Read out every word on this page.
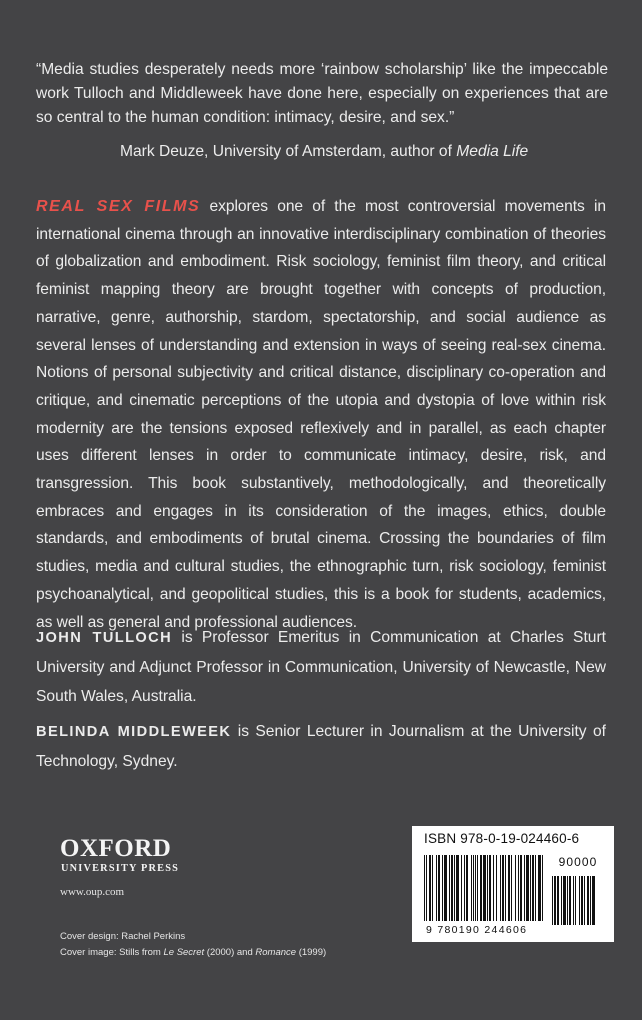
“Media studies desperately needs more ‘rainbow scholarship’ like the impeccable work Tulloch and Middleweek have done here, especially on experiences that are so central to the human condition: intimacy, desire, and sex.”

Mark Deuze, University of Amsterdam, author of Media Life
REAL SEX FILMS explores one of the most controversial movements in international cinema through an innovative interdisciplinary combination of theories of globalization and embodiment. Risk sociology, feminist film theory, and critical feminist mapping theory are brought together with concepts of production, narrative, genre, authorship, stardom, spectatorship, and social audience as several lenses of understanding and extension in ways of seeing real-sex cinema. Notions of personal subjectivity and critical distance, disciplinary co-operation and critique, and cinematic perceptions of the utopia and dystopia of love within risk modernity are the tensions exposed reflexively and in parallel, as each chapter uses different lenses in order to communicate intimacy, desire, risk, and transgression. This book substantively, methodologically, and theoretically embraces and engages in its consideration of the images, ethics, double standards, and embodiments of brutal cinema. Crossing the boundaries of film studies, media and cultural studies, the ethnographic turn, risk sociology, feminist psychoanalytical, and geopolitical studies, this is a book for students, academics, as well as general and professional audiences.
JOHN TULLOCH is Professor Emeritus in Communication at Charles Sturt University and Adjunct Professor in Communication, University of Newcastle, New South Wales, Australia.
BELINDA MIDDLEWEEK is Senior Lecturer in Journalism at the University of Technology, Sydney.
OXFORD
UNIVERSITY PRESS
www.oup.com
Cover design: Rachel Perkins
Cover image: Stills from Le Secret (2000) and Romance (1999)
ISBN 978-0-19-024460-6
90000
9 780190 244606
